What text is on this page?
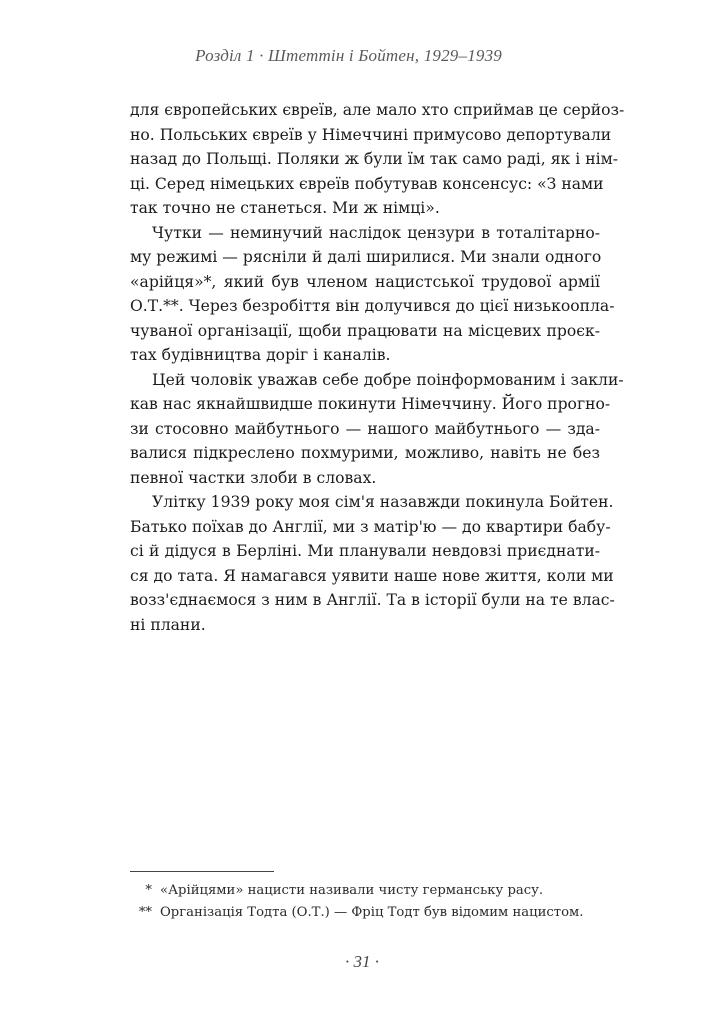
Розділ 1 · Штеттін і Бойтен, 1929–1939

для європейських євреїв, але мало хто сприймав це серйоз-
но. Польських євреїв у Німеччині примусово депортували
назад до Польщі. Поляки ж були їм так само раді, як і нім-
ці. Серед німецьких євреїв побутував консенсус: «З нами
так точно не станеться. Ми ж німці».

Чутки — неминучий наслідок цензури в тоталітарно-
му режимі — рясніли й далі ширилися. Ми знали одного
«арійця»*, який був членом нацистської трудової армії
О.Т.**. Через безробіття він долучився до цієї низькоопла-
чуваної організації, щоби працювати на місцевих проєк-
тах будівництва доріг і каналів.

Цей чоловік уважав себе добре поінформованим і закли-
кав нас якнайшвидше покинути Німеччину. Його прогно-
зи стосовно майбутнього — нашого майбутнього — зда-
валися підкреслено похмурими, можливо, навіть не без
певної частки злоби в словах.

Улітку 1939 року моя сім'я назавжди покинула Бойтен.
Батько поїхав до Англії, ми з матір'ю — до квартири бабу-
сі й дідуся в Берліні. Ми планували невдовзі приєднати-
ся до тата. Я намагався уявити наше нове життя, коли ми
возз'єднаємося з ним в Англії. Та в історії були на те влас-
ні плани.

* «Арійцями» нацисти називали чисту германську расу.
** Організація Тодта (О.Т.) — Фріц Тодт був відомим нацистом.
· 31 ·
